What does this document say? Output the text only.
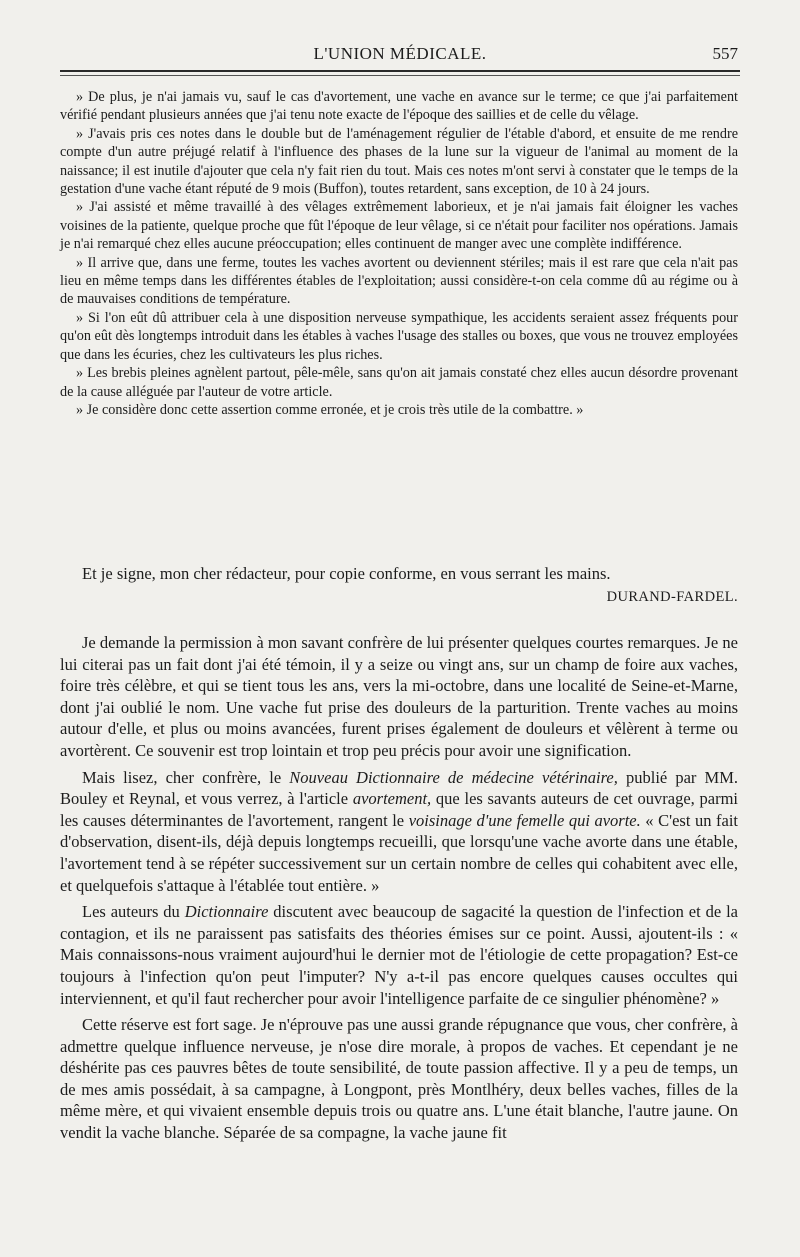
L'UNION MÉDICALE.	557

» De plus, je n'ai jamais vu, sauf le cas d'avortement, une vache en avance sur le terme; ce que j'ai parfaitement vérifié pendant plusieurs années que j'ai tenu note exacte de l'époque des saillies et de celle du vêlage.

» J'avais pris ces notes dans le double but de l'aménagement régulier de l'étable d'abord, et ensuite de me rendre compte d'un autre préjugé relatif à l'influence des phases de la lune sur la vigueur de l'animal au moment de la naissance; il est inutile d'ajouter que cela n'y fait rien du tout. Mais ces notes m'ont servi à constater que le temps de la gestation d'une vache étant réputé de 9 mois (Buffon), toutes retardent, sans exception, de 10 à 24 jours.

» J'ai assisté et même travaillé à des vêlages extrêmement laborieux, et je n'ai jamais fait éloigner les vaches voisines de la patiente, quelque proche que fût l'époque de leur vêlage, si ce n'était pour faciliter nos opérations. Jamais je n'ai remarqué chez elles aucune préoccupation; elles continuent de manger avec une complète indifférence.

» Il arrive que, dans une ferme, toutes les vaches avortent ou deviennent stériles; mais il est rare que cela n'ait pas lieu en même temps dans les différentes étables de l'exploitation; aussi considère-t-on cela comme dû au régime ou à de mauvaises conditions de température.

» Si l'on eût dû attribuer cela à une disposition nerveuse sympathique, les accidents seraient assez fréquents pour qu'on eût dès longtemps introduit dans les étables à vaches l'usage des stalles ou boxes, que vous ne trouvez employées que dans les écuries, chez les cultivateurs les plus riches.

» Les brebis pleines agnèlent partout, pêle-mêle, sans qu'on ait jamais constaté chez elles aucun désordre provenant de la cause alléguée par l'auteur de votre article.

» Je considère donc cette assertion comme erronée, et je crois très utile de la combattre. »

Et je signe, mon cher rédacteur, pour copie conforme, en vous serrant les mains.

DURAND-FARDEL.

Je demande la permission à mon savant confrère de lui présenter quelques courtes remarques. Je ne lui citerai pas un fait dont j'ai été témoin, il y a seize ou vingt ans, sur un champ de foire aux vaches, foire très célèbre, et qui se tient tous les ans, vers la mi-octobre, dans une localité de Seine-et-Marne, dont j'ai oublié le nom. Une vache fut prise des douleurs de la parturition. Trente vaches au moins autour d'elle, et plus ou moins avancées, furent prises également de douleurs et vêlèrent à terme ou avortèrent. Ce souvenir est trop lointain et trop peu précis pour avoir une signification.

Mais lisez, cher confrère, le Nouveau Dictionnaire de médecine vétérinaire, publié par MM. Bouley et Reynal, et vous verrez, à l'article avortement, que les savants auteurs de cet ouvrage, parmi les causes déterminantes de l'avortement, rangent le voisinage d'une femelle qui avorte. « C'est un fait d'observation, disent-ils, déjà depuis longtemps recueilli, que lorsqu'une vache avorte dans une étable, l'avortement tend à se répéter successivement sur un certain nombre de celles qui cohabitent avec elle, et quelquefois s'attaque à l'établée tout entière. »

Les auteurs du Dictionnaire discutent avec beaucoup de sagacité la question de l'infection et de la contagion, et ils ne paraissent pas satisfaits des théories émises sur ce point. Aussi, ajoutent-ils : « Mais connaissons-nous vraiment aujourd'hui le dernier mot de l'étiologie de cette propagation? Est-ce toujours à l'infection qu'on peut l'imputer? N'y a-t-il pas encore quelques causes occultes qui interviennent, et qu'il faut rechercher pour avoir l'intelligence parfaite de ce singulier phénomène? »

Cette réserve est fort sage. Je n'éprouve pas une aussi grande répugnance que vous, cher confrère, à admettre quelque influence nerveuse, je n'ose dire morale, à propos de vaches. Et cependant je ne déshérite pas ces pauvres bêtes de toute sensibilité, de toute passion affective. Il y a peu de temps, un de mes amis possédait, à sa campagne, à Longpont, près Montlhéry, deux belles vaches, filles de la même mère, et qui vivaient ensemble depuis trois ou quatre ans. L'une était blanche, l'autre jaune. On vendit la vache blanche. Séparée de sa compagne, la vache jaune fit
